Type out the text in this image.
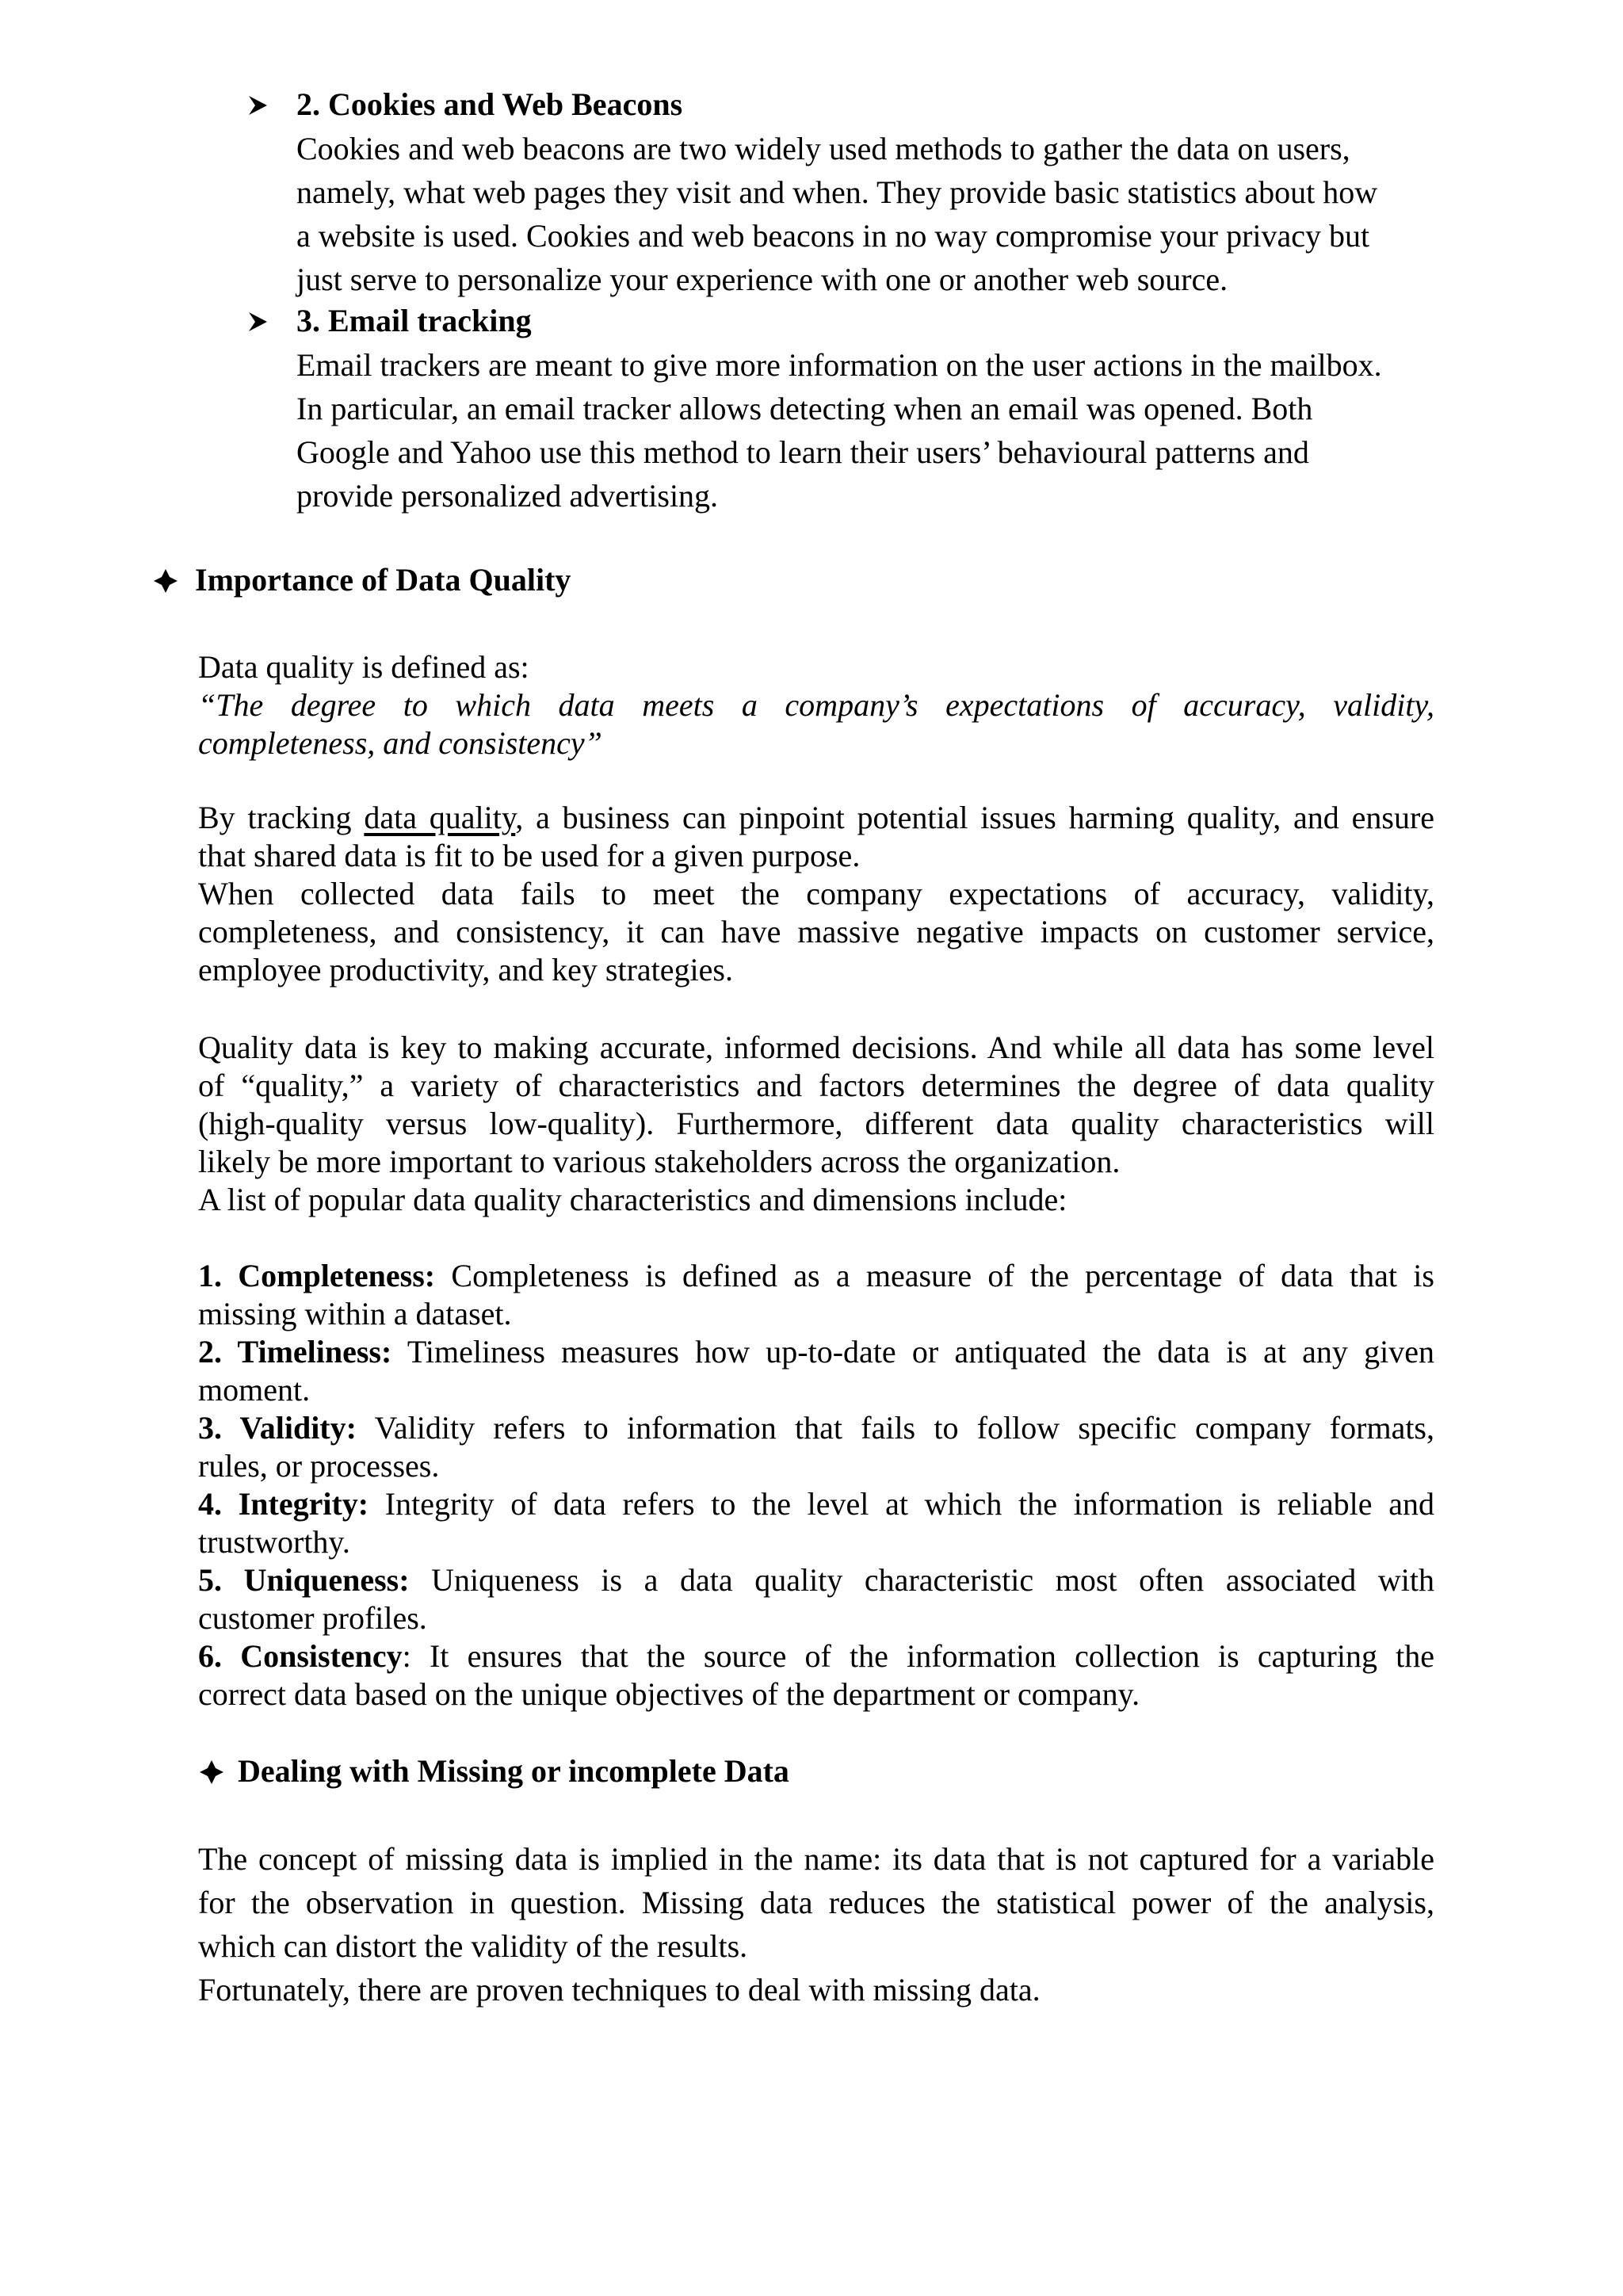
2. Cookies and Web Beacons

Cookies and web beacons are two widely used methods to gather the data on users,

namely, what web pages they visit and when. They provide basic statistics about how

a website is used. Cookies and web beacons in no way compromise your privacy but

just serve to personalize your experience with one or another web source.

3. Email tracking

Email trackers are meant to give more information on the user actions in the mailbox.

In particular, an email tracker allows detecting when an email was opened. Both

Google and Yahoo use this method to learn their users’ behavioural patterns and

provide personalized advertising.

Importance of Data Quality

Data quality is defined as:

“The degree to which data meets a company’s expectations of accuracy, validity,

completeness, and consistency”

By tracking data quality, a business can pinpoint potential issues harming quality, and ensure

that shared data is fit to be used for a given purpose.

When collected data fails to meet the company expectations of accuracy, validity,

completeness, and consistency, it can have massive negative impacts on customer service,

employee productivity, and key strategies.

Quality data is key to making accurate, informed decisions. And while all data has some level

of “quality,” a variety of characteristics and factors determines the degree of data quality

(high-quality versus low-quality). Furthermore, different data quality characteristics will

likely be more important to various stakeholders across the organization.

A list of popular data quality characteristics and dimensions include:

1. Completeness: Completeness is defined as a measure of the percentage of data that is

missing within a dataset.

2. Timeliness: Timeliness measures how up-to-date or antiquated the data is at any given

moment.

3. Validity: Validity refers to information that fails to follow specific company formats,

rules, or processes.

4. Integrity: Integrity of data refers to the level at which the information is reliable and

trustworthy.

5. Uniqueness: Uniqueness is a data quality characteristic most often associated with

customer profiles.

6. Consistency: It ensures that the source of the information collection is capturing the

correct data based on the unique objectives of the department or company.

Dealing with Missing or incomplete Data

The concept of missing data is implied in the name: its data that is not captured for a variable

for the observation in question. Missing data reduces the statistical power of the analysis,

which can distort the validity of the results.

Fortunately, there are proven techniques to deal with missing data.
